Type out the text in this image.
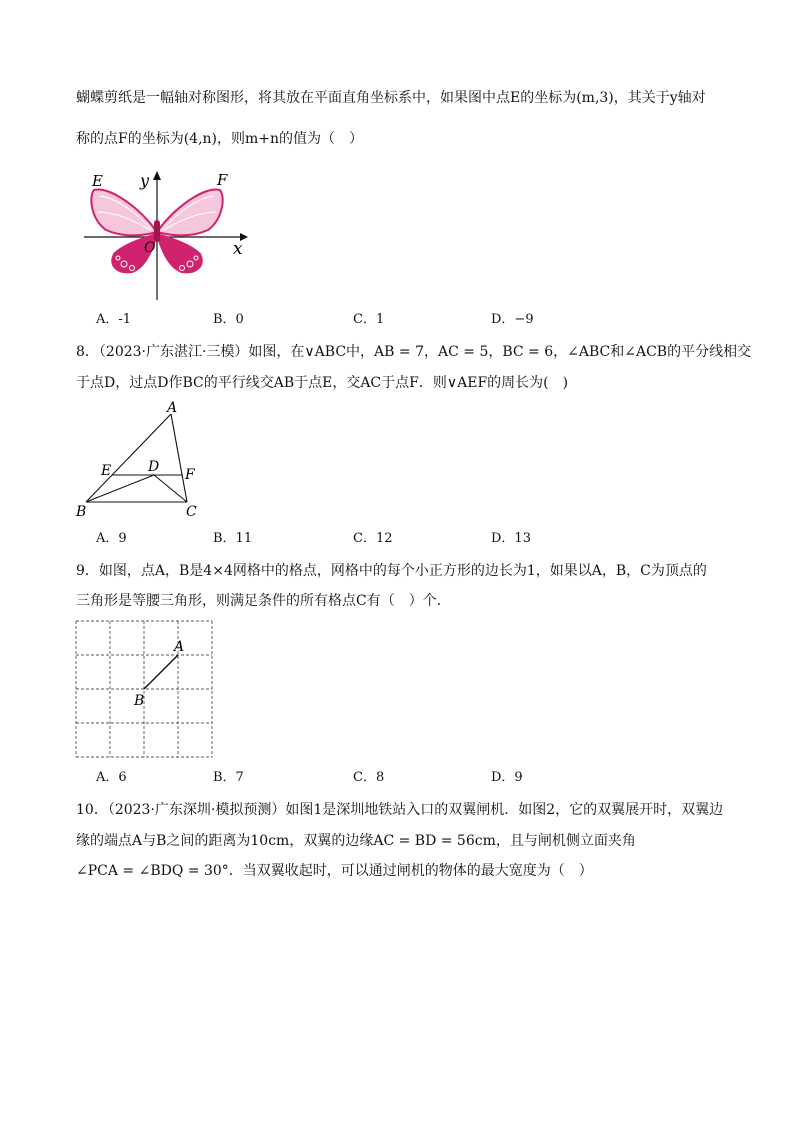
蝴蝶剪纸是一幅轴对称图形，将其放在平面直角坐标系中，如果图中点E的坐标为(m,3)，其关于y轴对
称的点F的坐标为(4,n)，则m+n的值为（　）
E	F
y
x
O
A．-1	B．0	C．1	D．−9
8．（2023·广东湛江·三模）如图，在∨ABC中，AB = 7，AC = 5，BC = 6，∠ABC和∠ACB的平分线相交
于点D，过点D作BC的平行线交AB于点E，交AC于点F．则∨AEF的周长为(　)
A
B	C
D
E	F
A．9	B．11	C．12	D．13
9．如图，点A，B是4×4网格中的格点，网格中的每个小正方形的边长为1，如果以A，B，C为顶点的
三角形是等腰三角形，则满足条件的所有格点C有（　）个．
A
B
A．6	B．7	C．8	D．9
10．（2023·广东深圳·模拟预测）如图1是深圳地铁站入口的双翼闸机．如图2，它的双翼展开时，双翼边
缘的端点A与B之间的距离为10cm，双翼的边缘AC = BD = 56cm，且与闸机侧立面夹角
∠PCA = ∠BDQ = 30°．当双翼收起时，可以通过闸机的物体的最大宽度为（　）
